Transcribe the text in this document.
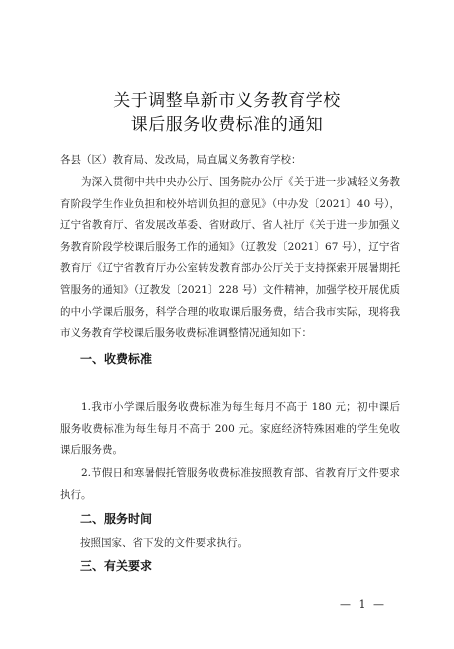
关于调整阜新市义务教育学校
课后服务收费标准的通知

各县（区）教育局、发改局，局直属义务教育学校：

为深入贯彻中共中央办公厅、国务院办公厅《关于进一步减轻义务教育阶段学生作业负担和校外培训负担的意见》（中办发〔2021〕40 号），辽宁省教育厅、省发展改革委、省财政厅、省人社厅《关于进一步加强义务教育阶段学校课后服务工作的通知》（辽教发〔2021〕67 号），辽宁省教育厅《辽宁省教育厅办公室转发教育部办公厅关于支持探索开展暑期托管服务的通知》（辽教发〔2021〕228 号）文件精神，加强学校开展优质的中小学课后服务，科学合理的收取课后服务费，结合我市实际，现将我市义务教育学校课后服务收费标准调整情况通知如下：

一、收费标准

1.我市小学课后服务收费标准为每生每月不高于 180 元；初中课后服务收费标准为每生每月不高于 200 元。家庭经济特殊困难的学生免收课后服务费。

2.节假日和寒暑假托管服务收费标准按照教育部、省教育厅文件要求执行。

二、服务时间

按照国家、省下发的文件要求执行。

三、有关要求
— 1 —
